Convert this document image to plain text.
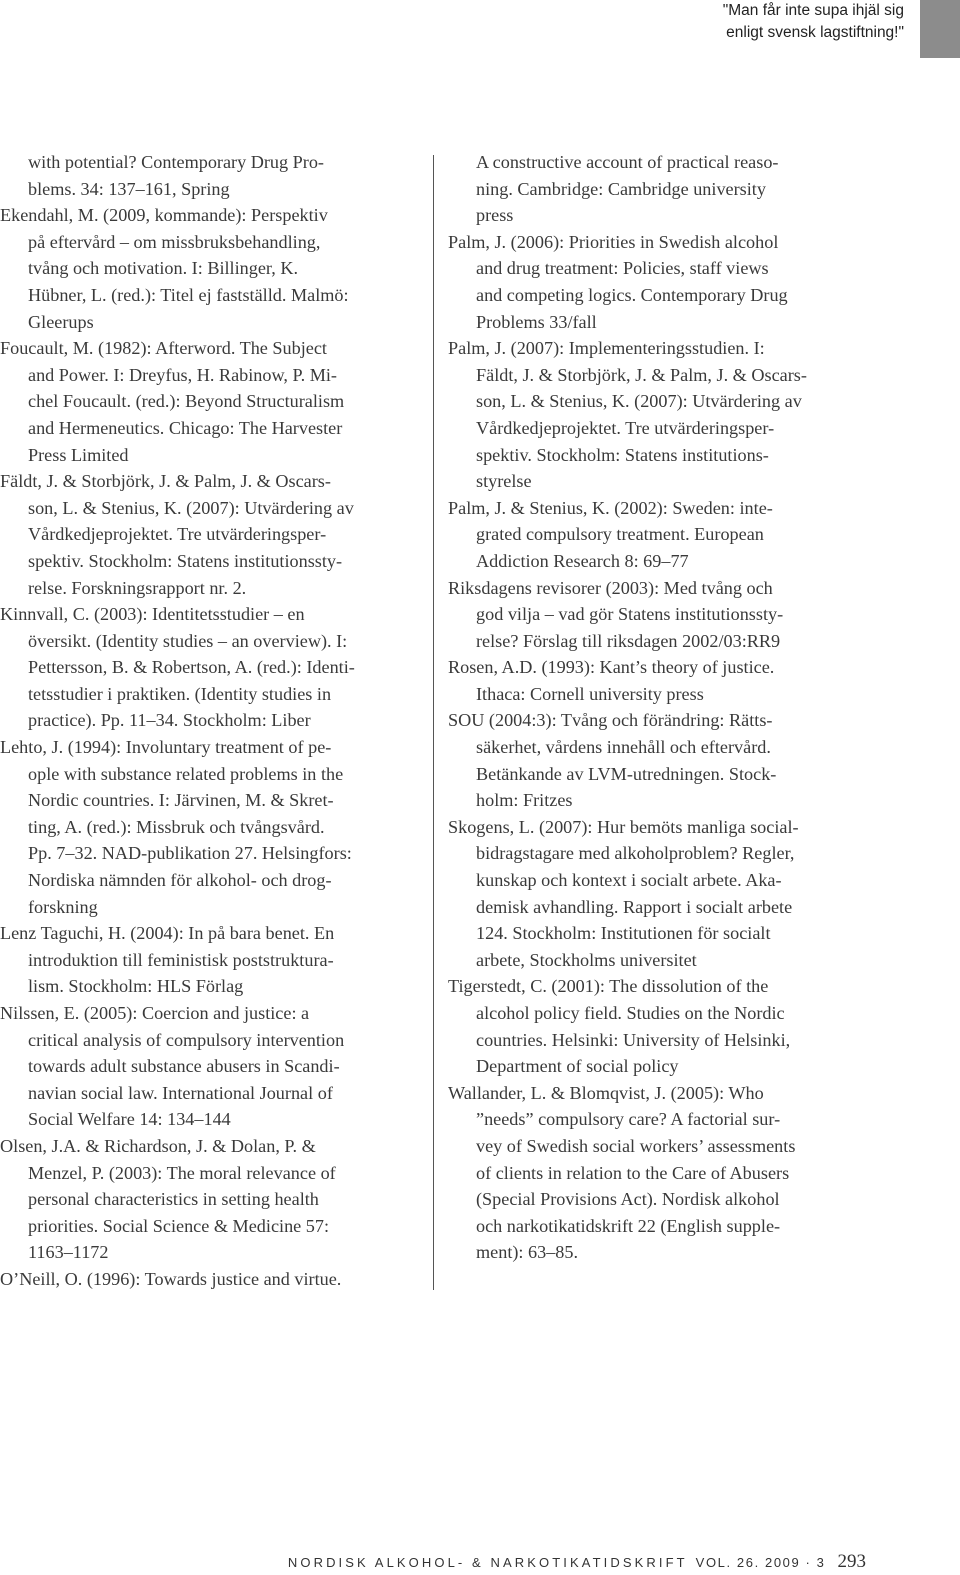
"Man får inte supa ihjäl sig
enligt svensk lagstiftning!"
with potential? Contemporary Drug Pro-
blems. 34: 137–161, Spring
Ekendahl, M. (2009, kommande): Perspektiv
på eftervård – om missbruksbehandling,
tvång och motivation. I: Billinger, K.
Hübner, L. (red.): Titel ej fastställd. Malmö:
Gleerups
Foucault, M. (1982): Afterword. The Subject
and Power. I: Dreyfus, H. Rabinow, P. Mi-
chel Foucault. (red.): Beyond Structuralism
and Hermeneutics. Chicago: The Harvester
Press Limited
Fäldt, J. & Storbjörk, J. & Palm, J. & Oscars-
son, L. & Stenius, K. (2007): Utvärdering av
Vårdkedjeprojektet. Tre utvärderingsper-
spektiv. Stockholm: Statens institutionssty-
relse. Forskningsrapport nr. 2.
Kinnvall, C. (2003): Identitetsstudier – en
översikt. (Identity studies – an overview). I:
Pettersson, B. & Robertson, A. (red.): Identi-
tetsstudier i praktiken. (Identity studies in
practice). Pp. 11–34. Stockholm: Liber
Lehto, J. (1994): Involuntary treatment of pe-
ople with substance related problems in the
Nordic countries. I: Järvinen, M. & Skret-
ting, A. (red.): Missbruk och tvångsvård.
Pp. 7–32. NAD-publikation 27. Helsingfors:
Nordiska nämnden för alkohol- och drog-
forskning
Lenz Taguchi, H. (2004): In på bara benet. En
introduktion till feministisk poststruktura-
lism. Stockholm: HLS Förlag
Nilssen, E. (2005): Coercion and justice: a
critical analysis of compulsory intervention
towards adult substance abusers in Scandi-
navian social law. International Journal of
Social Welfare 14: 134–144
Olsen, J.A. & Richardson, J. & Dolan, P. &
Menzel, P. (2003): The moral relevance of
personal characteristics in setting health
priorities. Social Science & Medicine 57:
1163–1172
O’Neill, O. (1996): Towards justice and virtue.
A constructive account of practical reaso-
ning. Cambridge: Cambridge university
press
Palm, J. (2006): Priorities in Swedish alcohol
and drug treatment: Policies, staff views
and competing logics. Contemporary Drug
Problems 33/fall
Palm, J. (2007): Implementeringsstudien. I:
Fäldt, J. & Storbjörk, J. & Palm, J. & Oscars-
son, L. & Stenius, K. (2007): Utvärdering av
Vårdkedjeprojektet. Tre utvärderingsper-
spektiv. Stockholm: Statens institutions-
styrelse
Palm, J. & Stenius, K. (2002): Sweden: inte-
grated compulsory treatment. European
Addiction Research 8: 69–77
Riksdagens revisorer (2003): Med tvång och
god vilja – vad gör Statens institutionssty-
relse? Förslag till riksdagen 2002/03:RR9
Rosen, A.D. (1993): Kant’s theory of justice.
Ithaca: Cornell university press
SOU (2004:3): Tvång och förändring: Rätts-
säkerhet, vårdens innehåll och eftervård.
Betänkande av LVM-utredningen. Stock-
holm: Fritzes
Skogens, L. (2007): Hur bemöts manliga social-
bidragstagare med alkoholproblem? Regler,
kunskap och kontext i socialt arbete. Aka-
demisk avhandling. Rapport i socialt arbete
124. Stockholm: Institutionen för socialt
arbete, Stockholms universitet
Tigerstedt, C. (2001): The dissolution of the
alcohol policy field. Studies on the Nordic
countries. Helsinki: University of Helsinki,
Department of social policy
Wallander, L. & Blomqvist, J. (2005): Who
”needs” compulsory care? A factorial sur-
vey of Swedish social workers’ assessments
of clients in relation to the Care of Abusers
(Special Provisions Act). Nordisk alkohol
och narkotikatidskrift 22 (English supple-
ment): 63–85.
NORDISK ALKOHOL- & NARKOTIKATIDSKRIFT VOL. 26. 2009 · 3 293
